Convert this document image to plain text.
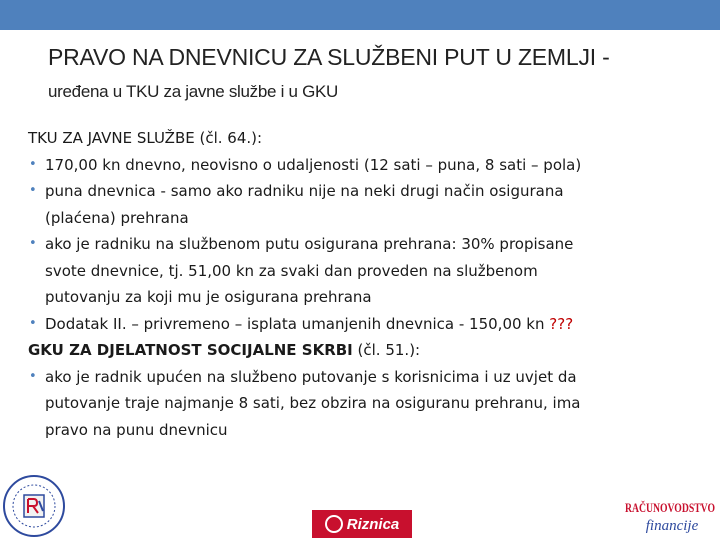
PRAVO NA DNEVNICU ZA SLUŽBENI PUT U ZEMLJI -
uređena u TKU za javne službe i u GKU
TKU ZA JAVNE SLUŽBE (čl. 64.):
• 170,00 kn dnevno, neovisno o udaljenosti (12 sati – puna, 8 sati – pola)
• puna dnevnica - samo ako radniku nije na neki drugi način osigurana
(plaćena) prehrana
• ako je radniku na službenom putu osigurana prehrana: 30% propisane
svote dnevnice, tj. 51,00 kn za svaki dan proveden na službenom
putovanju za koji mu je osigurana prehrana
• Dodatak II. – privremeno – isplata umanjenih dnevnica - 150,00 kn ???
GKU ZA DJELATNOST SOCIJALNE SKRBI (čl. 51.):
• ako je radnik upućen na službeno putovanje s korisnicima i uz uvjet da
putovanje traje najmanje 8 sati, bez obzira na osiguranu prehranu, ima
pravo na punu dnevnicu
Riznica
RAČUNOVODSTVO
financije
